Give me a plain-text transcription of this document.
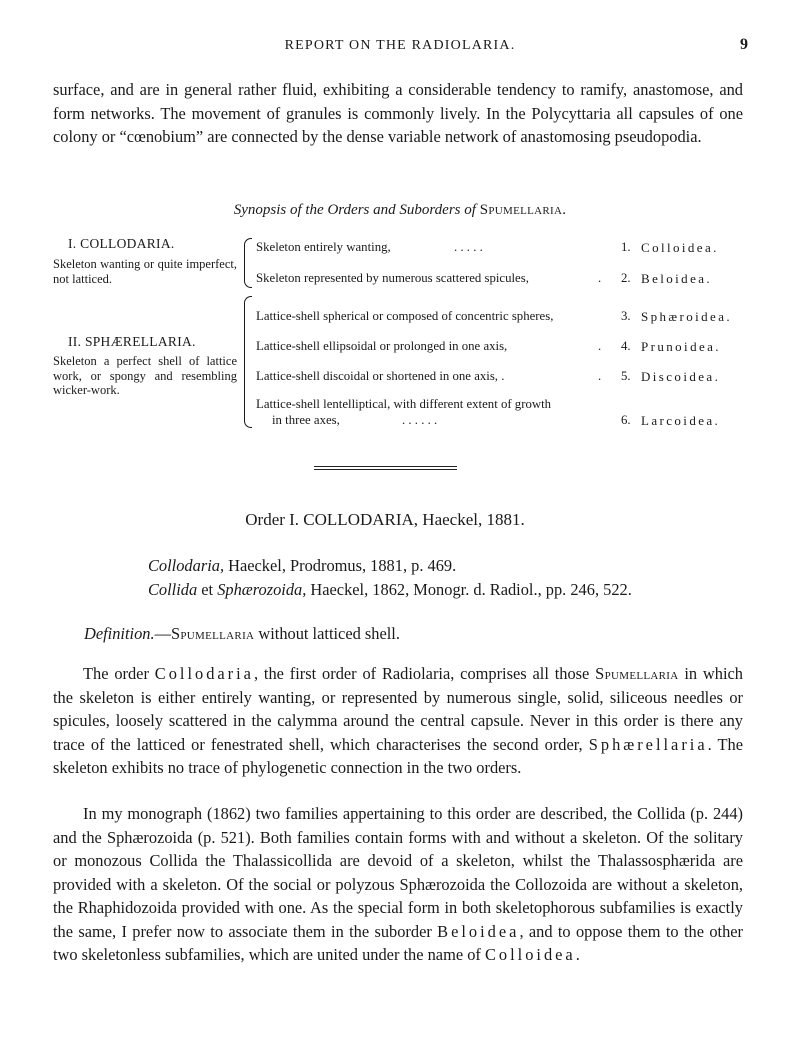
REPORT ON THE RADIOLARIA.	9

surface, and are in general rather fluid, exhibiting a considerable tendency to ramify, anastomose, and form networks. The movement of granules is commonly lively. In the Polycyttaria all capsules of one colony or “cœnobium” are connected by the dense variable network of anastomosing pseudopodia.

Synopsis of the Orders and Suborders of Spumellaria.
I. COLLODARIA.
Skeleton wanting or quite imperfect, not latticed.
Skeleton entirely wanting,	. . . . .	1. Colloidea.
Skeleton represented by numerous scattered spicules,	. 2. Beloidea.
II. SPHÆRELLARIA.
Skeleton a perfect shell of lattice work, or spongy and resembling wicker-work.
Lattice-shell spherical or composed of concentric spheres,	3. Sphæroidea.
Lattice-shell ellipsoidal or prolonged in one axis,	. 4. Prunoidea.
Lattice-shell discoidal or shortened in one axis, .	. 5. Discoidea.
Lattice-shell lentelliptical, with different extent of growth
in three axes,	. . . . . .	6. Larcoidea.
Order I. COLLODARIA, Haeckel, 1881.
Collodaria, Haeckel, Prodromus, 1881, p. 469.
Collida et Sphærozoida, Haeckel, 1862, Monogr. d. Radiol., pp. 246, 522.
Definition.—Spumellaria without latticed shell.

The order Collodaria, the first order of Radiolaria, comprises all those Spumellaria in which the skeleton is either entirely wanting, or represented by numerous single, solid, siliceous needles or spicules, loosely scattered in the calymma around the central capsule. Never in this order is there any trace of the latticed or fenestrated shell, which characterises the second order, Sphærellaria. The skeleton exhibits no trace of phylogenetic connection in the two orders.

In my monograph (1862) two families appertaining to this order are described, the Collida (p. 244) and the Sphærozoida (p. 521). Both families contain forms with and without a skeleton. Of the solitary or monozous Collida the Thalassicollida are devoid of a skeleton, whilst the Thalassosphærida are provided with a skeleton. Of the social or polyzous Sphærozoida the Collozoida are without a skeleton, the Rhaphidozoida provided with one. As the special form in both skeletophorous subfamilies is exactly the same, I prefer now to associate them in the suborder Beloidea, and to oppose them to the other two skeletonless subfamilies, which are united under the name of Colloidea.
